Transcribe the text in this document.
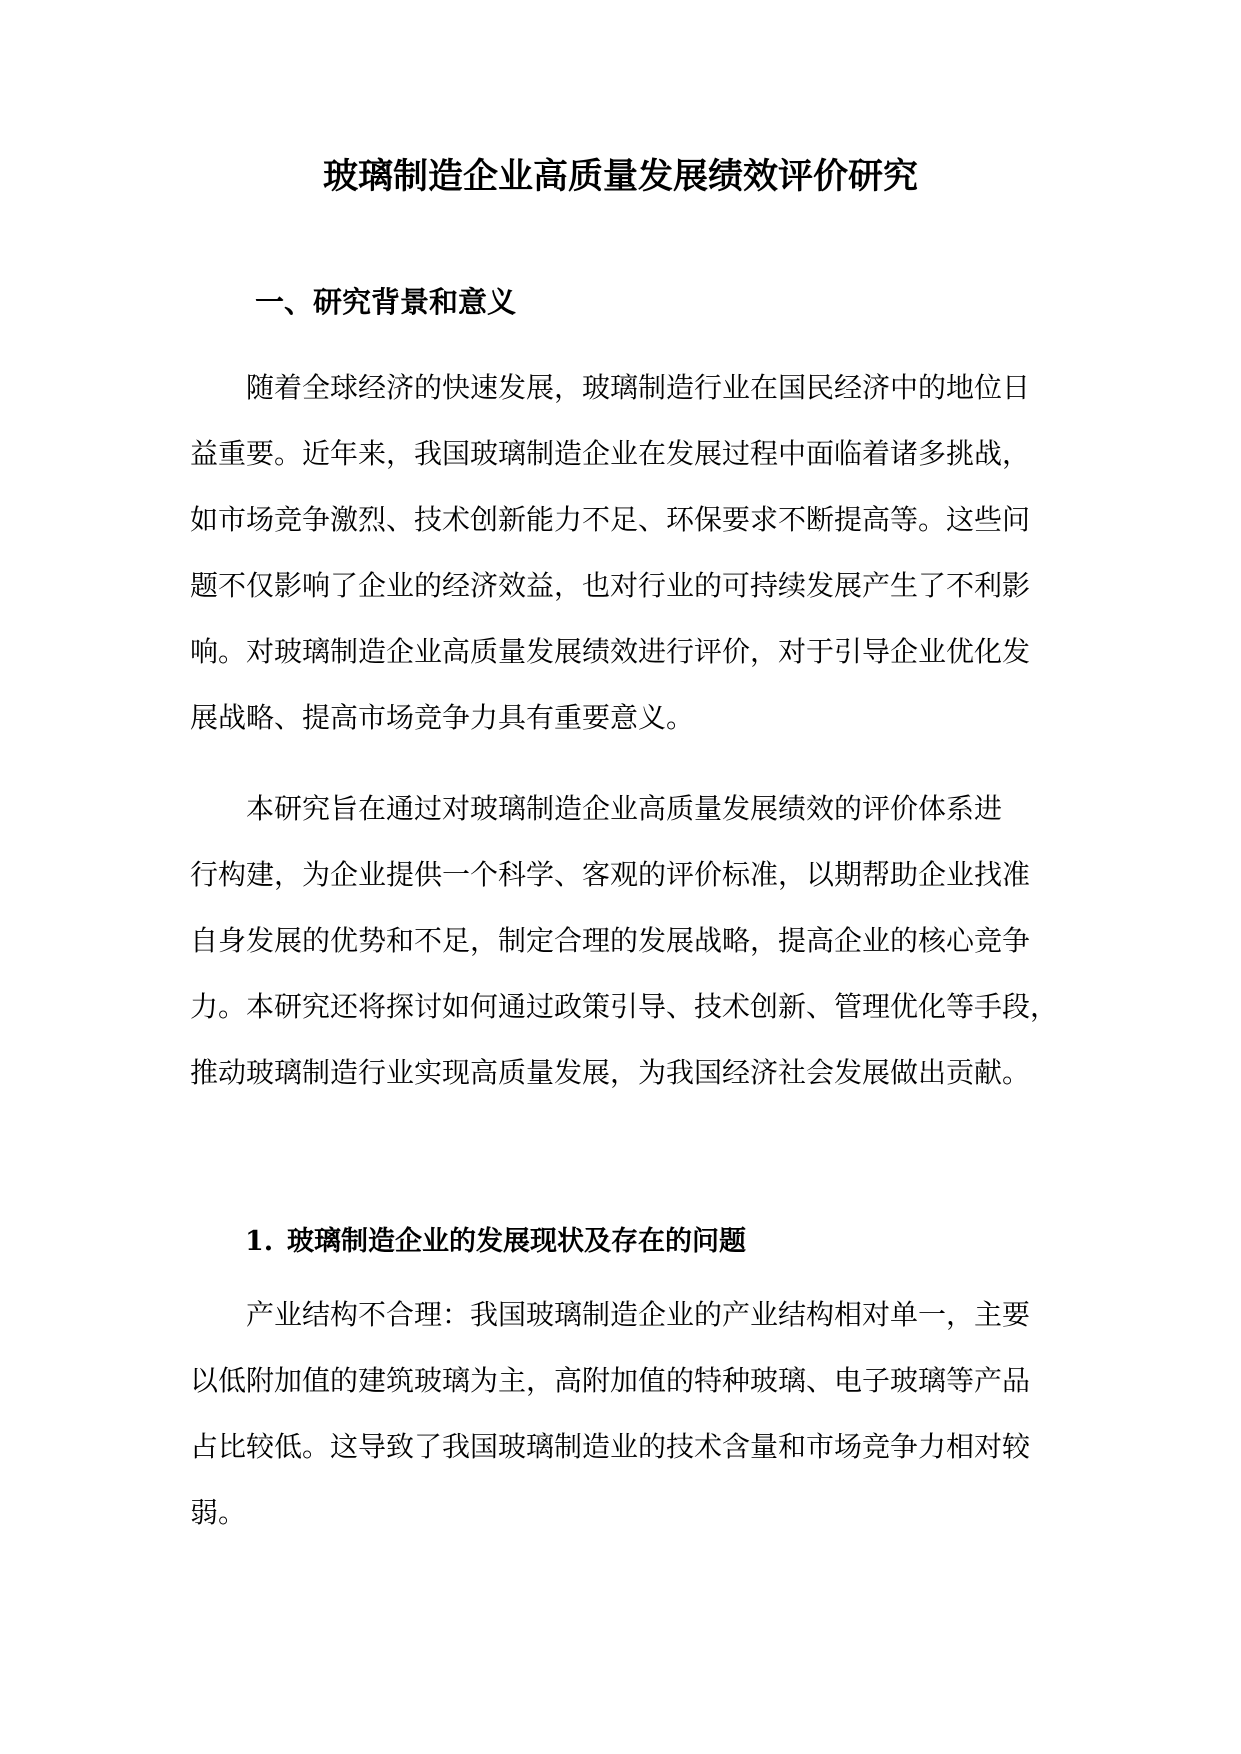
玻璃制造企业高质量发展绩效评价研究
一、研究背景和意义
随着全球经济的快速发展，玻璃制造行业在国民经济中的地位日
益重要。近年来，我国玻璃制造企业在发展过程中面临着诸多挑战，
如市场竞争激烈、技术创新能力不足、环保要求不断提高等。这些问
题不仅影响了企业的经济效益，也对行业的可持续发展产生了不利影
响。对玻璃制造企业高质量发展绩效进行评价，对于引导企业优化发
展战略、提高市场竞争力具有重要意义。
本研究旨在通过对玻璃制造企业高质量发展绩效的评价体系进
行构建，为企业提供一个科学、客观的评价标准，以期帮助企业找准
自身发展的优势和不足，制定合理的发展战略，提高企业的核心竞争
力。本研究还将探讨如何通过政策引导、技术创新、管理优化等手段，
推动玻璃制造行业实现高质量发展，为我国经济社会发展做出贡献。
1. 玻璃制造企业的发展现状及存在的问题
产业结构不合理：我国玻璃制造企业的产业结构相对单一，主要
以低附加值的建筑玻璃为主，高附加值的特种玻璃、电子玻璃等产品
占比较低。这导致了我国玻璃制造业的技术含量和市场竞争力相对较
弱。
